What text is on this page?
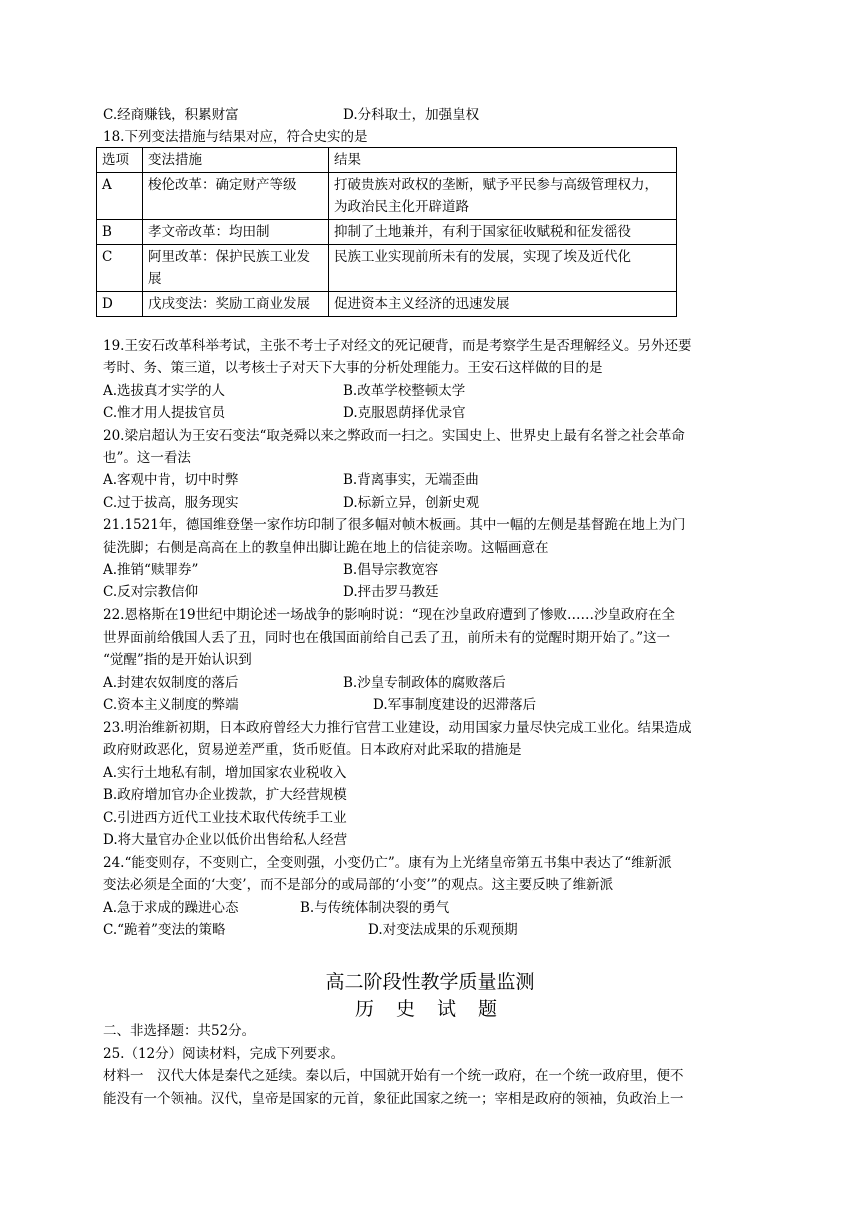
C.经商赚钱，积累财富	D.分科取士，加强皇权
18.下列变法措施与结果对应，符合史实的是
选项	变法措施	结果
A	梭伦改革：确定财产等级	打破贵族对政权的垄断，赋予平民参与高级管理权力，为政治民主化开辟道路
B	孝文帝改革：均田制	抑制了土地兼并，有利于国家征收赋税和征发徭役
C	阿里改革：保护民族工业发展	民族工业实现前所未有的发展，实现了埃及近代化
D	戊戌变法：奖励工商业发展	促进资本主义经济的迅速发展
19.王安石改革科举考试，主张不考士子对经文的死记硬背，而是考察学生是否理解经义。另外还要
考时、务、策三道，以考核士子对天下大事的分析处理能力。王安石这样做的目的是
A.选拔真才实学的人	B.改革学校整顿太学
C.惟才用人提拔官员	D.克服恩荫择优录官
20.梁启超认为王安石变法“取尧舜以来之弊政而一扫之。实国史上、世界史上最有名誉之社会革命
也”。这一看法
A.客观中肯，切中时弊	B.背离事实，无端歪曲
C.过于拔高，服务现实	D.标新立异，创新史观
21.1521年，德国维登堡一家作坊印制了很多幅对帧木板画。其中一幅的左侧是基督跪在地上为门
徒洗脚；右侧是高高在上的教皇伸出脚让跪在地上的信徒亲吻。这幅画意在
A.推销“赎罪券”	B.倡导宗教宽容
C.反对宗教信仰	D.抨击罗马教廷
22.恩格斯在19世纪中期论述一场战争的影响时说：“现在沙皇政府遭到了惨败……沙皇政府在全
世界面前给俄国人丢了丑，同时也在俄国面前给自己丢了丑，前所未有的觉醒时期开始了。”这一
“觉醒”指的是开始认识到
A.封建农奴制度的落后	B.沙皇专制政体的腐败落后
C.资本主义制度的弊端	D.军事制度建设的迟滞落后
23.明治维新初期，日本政府曾经大力推行官营工业建设，动用国家力量尽快完成工业化。结果造成
政府财政恶化，贸易逆差严重，货币贬值。日本政府对此采取的措施是
A.实行土地私有制，增加国家农业税收入
B.政府增加官办企业拨款，扩大经营规模
C.引进西方近代工业技术取代传统手工业
D.将大量官办企业以低价出售给私人经营
24.“能变则存，不变则亡，全变则强，小变仍亡”。康有为上光绪皇帝第五书集中表达了“维新派
变法必须是全面的‘大变’，而不是部分的或局部的‘小变’”的观点。这主要反映了维新派
A.急于求成的躁进心态	B.与传统体制决裂的勇气
C.“跪着”变法的策略	D.对变法成果的乐观预期
高二阶段性教学质量监测
历 史 试 题
二、非选择题：共52分。
25.（12分）阅读材料，完成下列要求。
材料一　汉代大体是秦代之延续。秦以后，中国就开始有一个统一政府，在一个统一政府里，便不
能没有一个领袖。汉代，皇帝是国家的元首，象征此国家之统一；宰相是政府的领袖，负政治上一
